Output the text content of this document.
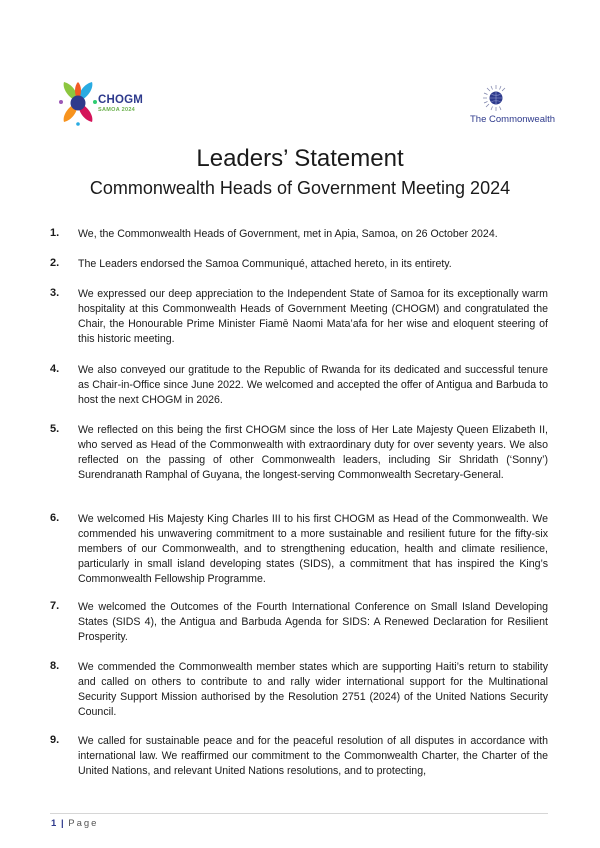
CHOGM
SAMOA 2024
The Commonwealth
Leaders’ Statement
Commonwealth Heads of Government Meeting 2024
1. We, the Commonwealth Heads of Government, met in Apia, Samoa, on 26 October 2024.
2. The Leaders endorsed the Samoa Communiqué, attached hereto, in its entirety.
3. We expressed our deep appreciation to the Independent State of Samoa for its exceptionally warm hospitality at this Commonwealth Heads of Government Meeting (CHOGM) and congratulated the Chair, the Honourable Prime Minister Fiamē Naomi Mata’afa for her wise and eloquent steering of this historic meeting.
4. We also conveyed our gratitude to the Republic of Rwanda for its dedicated and successful tenure as Chair-in-Office since June 2022. We welcomed and accepted the offer of Antigua and Barbuda to host the next CHOGM in 2026.
5. We reflected on this being the first CHOGM since the loss of Her Late Majesty Queen Elizabeth II, who served as Head of the Commonwealth with extraordinary duty for over seventy years. We also reflected on the passing of other Commonwealth leaders, including Sir Shridath (‘Sonny’) Surendranath Ramphal of Guyana, the longest-serving Commonwealth Secretary-General.
6. We welcomed His Majesty King Charles III to his first CHOGM as Head of the Commonwealth. We commended his unwavering commitment to a more sustainable and resilient future for the fifty-six members of our Commonwealth, and to strengthening education, health and climate resilience, particularly in small island developing states (SIDS), a commitment that has inspired the King’s Commonwealth Fellowship Programme.
7. We welcomed the Outcomes of the Fourth International Conference on Small Island Developing States (SIDS 4), the Antigua and Barbuda Agenda for SIDS: A Renewed Declaration for Resilient Prosperity.
8. We commended the Commonwealth member states which are supporting Haiti’s return to stability and called on others to contribute to and rally wider international support for the Multinational Security Support Mission authorised by the Resolution 2751 (2024) of the United Nations Security Council.
9. We called for sustainable peace and for the peaceful resolution of all disputes in accordance with international law. We reaffirmed our commitment to the Commonwealth Charter, the Charter of the United Nations, and relevant United Nations resolutions, and to protecting,
1 | Page
